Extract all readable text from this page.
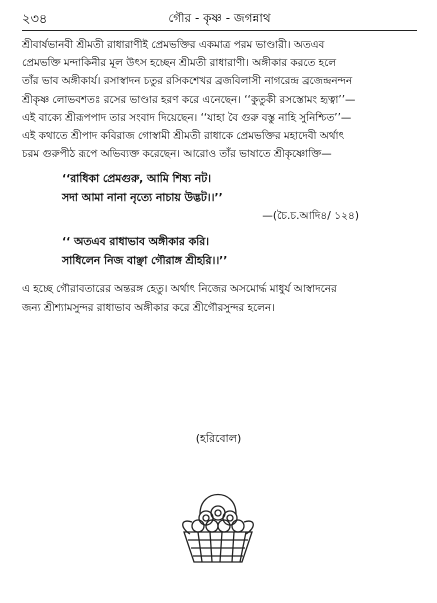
২৩৪	গৌর - কৃষ্ণ - জগন্নাথ

শ্রীবার্ষভানবী শ্রীমতী রাধারাণীই প্রেমভক্তির একমাত্র পরম ভাণ্ডারী। অতএব

প্রেমভক্তি মন্দাকিনীর মূল উৎস হচ্ছেন শ্রীমতী রাধারাণী। অঙ্গীকার করতে হলে

তাঁর ভাব অঙ্গীকার্য। রসাস্বাদন চতুর রসিকশেখর ব্রজবিলাসী নাগরেন্দ্র ব্রজেন্দ্রনন্দন

শ্রীকৃষ্ণ লোভবশতঃ রসের ভাণ্ডার হরণ করে এনেছেন। ‘‘কুতুকী রসস্তোমং হৃত্বা’’—

এই বাক্যে শ্রীরূপপাদ তার সংবাদ দিয়েছেন। ‘‘যাহা বৈ গুরু বস্তু নাহি সুনিশ্চিত’’—

এই কথাতে শ্রীপাদ কবিরাজ গোস্বামী শ্রীমতী রাধাকে প্রেমভক্তির মহাদেবী অর্থাৎ

চরম গুরুপীঠ রূপে অভিব্যক্ত করেছেন। আরোও তাঁর ভাষাতে শ্রীকৃষ্ণোক্তি—

‘‘রাধিকা প্রেমগুরু, আমি শিষ্য নট।

সদা আমা নানা নৃত্যে নাচায় উদ্ভট।।’’

—(চৈ.চ.আদি৪/ ১২৪)

‘‘ অতএব রাধাভাব অঙ্গীকার করি।

সাধিলেন নিজ বাঞ্ছা গৌরাঙ্গ শ্রীহরি।।’’

এ হচ্ছে গৌরাবতারের অন্তরঙ্গ হেতু। অর্থাৎ নিজের অসমোর্দ্ধ মাধুর্য আস্বাদনের

জন্য শ্রীশ্যামসুন্দর রাধাভাব অঙ্গীকার করে শ্রীগৌরসুন্দর হলেন।

(হরিবোল)
